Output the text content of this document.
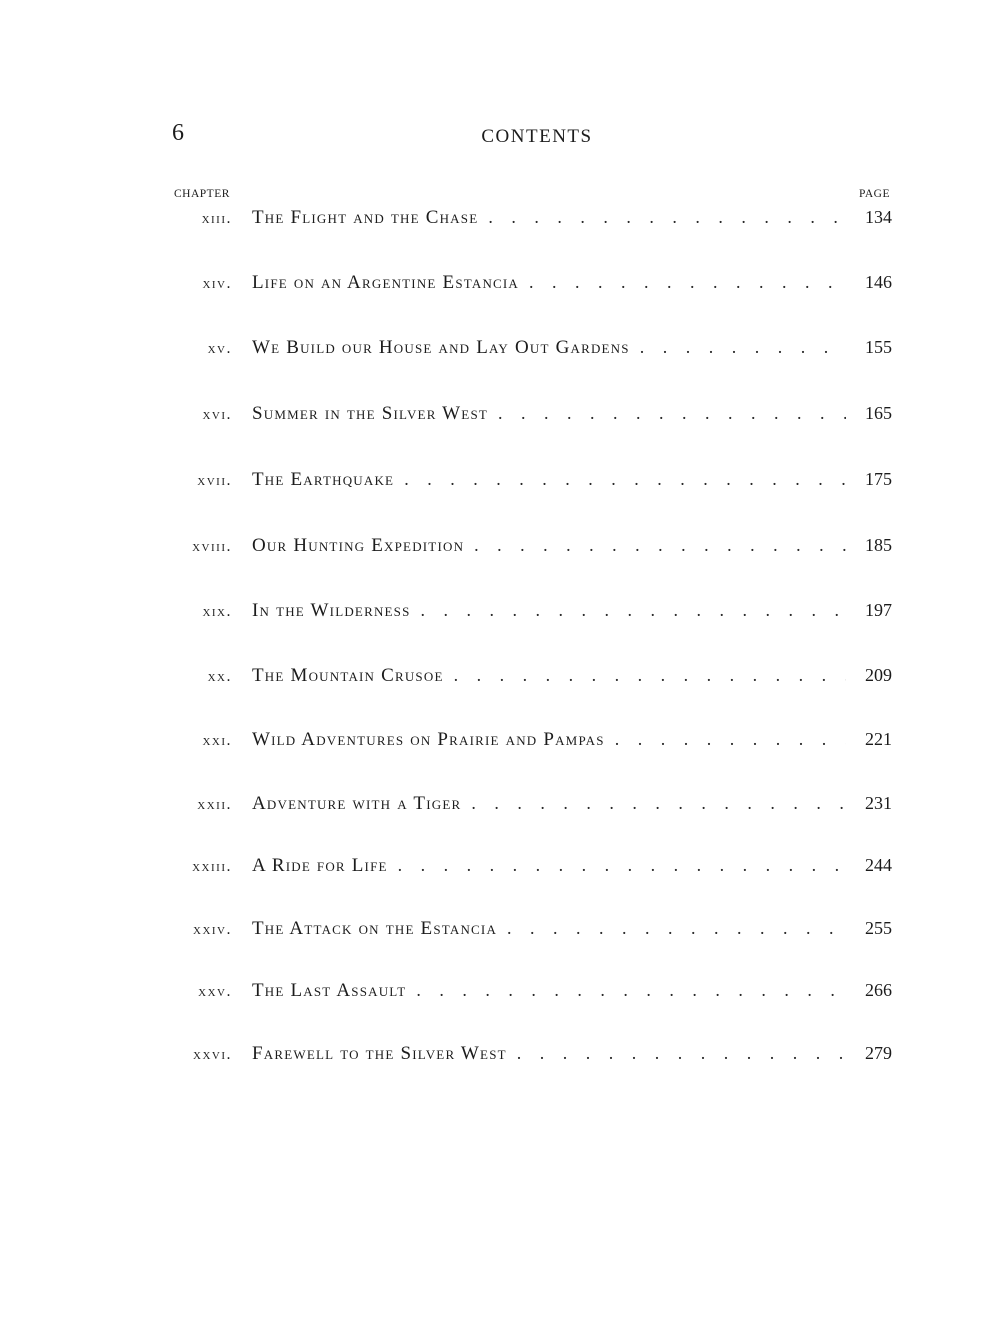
6	CONTENTS
CHAPTER	PAGE
xiii. The Flight and the Chase . . .	134
xiv. Life on an Argentine Estancia . . .	146
xv. We Build our House and Lay Out Gardens . . .	155
xvi. Summer in the Silver West . . .	165
xvii. The Earthquake . . .	175
xviii. Our Hunting Expedition . . .	185
xix. In the Wilderness . . .	197
xx. The Mountain Crusoe . . .	209
xxi. Wild Adventures on Prairie and Pampas . . .	221
xxii. Adventure with a Tiger . . .	231
xxiii. A Ride for Life . . .	244
xxiv. The Attack on the Estancia . . .	255
xxv. The Last Assault . . .	266
xxvi. Farewell to the Silver West . . .	279
